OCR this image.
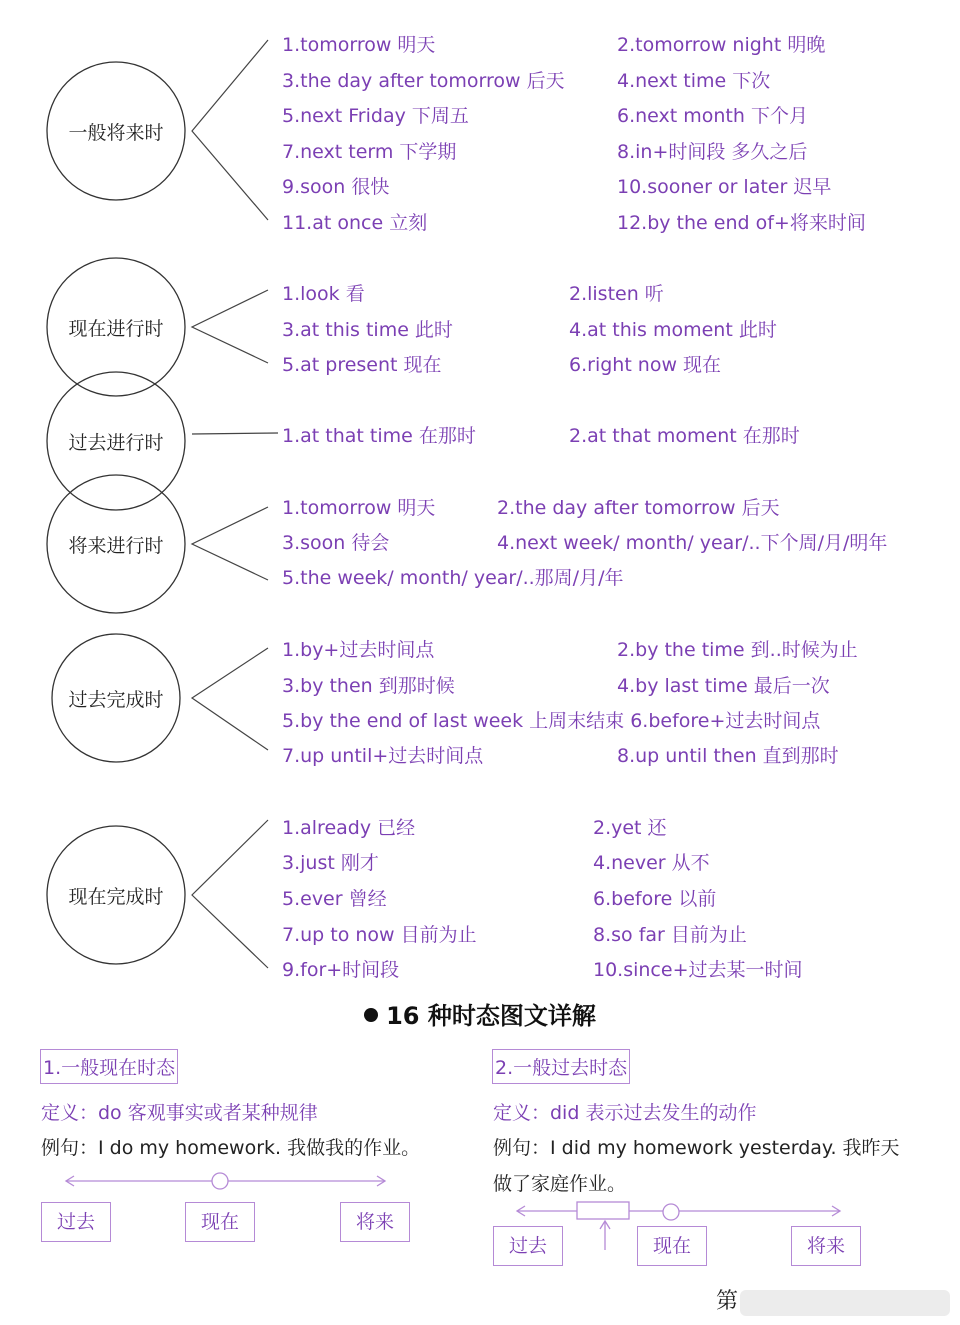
一般将来时
现在进行时
过去进行时
将来进行时
过去完成时
现在完成时
1.tomorrow 明天	2.tomorrow night 明晚
3.the day after tomorrow 后天	4.next time 下次
5.next Friday 下周五	6.next month 下个月
7.next term 下学期	8.in+时间段 多久之后
9.soon 很快	10.sooner or later 迟早
11.at once 立刻	12.by the end of+将来时间
1.look 看	2.listen 听
3.at this time 此时	4.at this moment 此时
5.at present 现在	6.right now 现在
1.at that time 在那时	2.at that moment 在那时
1.tomorrow 明天	2.the day after tomorrow 后天
3.soon 待会	4.next week/ month/ year/..下个周/月/明年
5.the week/ month/ year/..那周/月/年
1.by+过去时间点	2.by the time 到..时候为止
3.by then 到那时候	4.by last time 最后一次
5.by the end of last week 上周末结束 6.before+过去时间点
7.up until+过去时间点	8.up until then 直到那时
1.already 已经	2.yet 还
3.just 刚才	4.never 从不
5.ever 曾经	6.before 以前
7.up to now 目前为止	8.so far 目前为止
9.for+时间段	10.since+过去某一时间
16 种时态图文详解
1.一般现在时态
定义：do 客观事实或者某种规律
例句：I do my homework. 我做我的作业。
过去	现在	将来
2.一般过去时态
定义：did 表示过去发生的动作
例句：I did my homework yesterday. 我昨天
做了家庭作业。
过去	现在	将来
第
